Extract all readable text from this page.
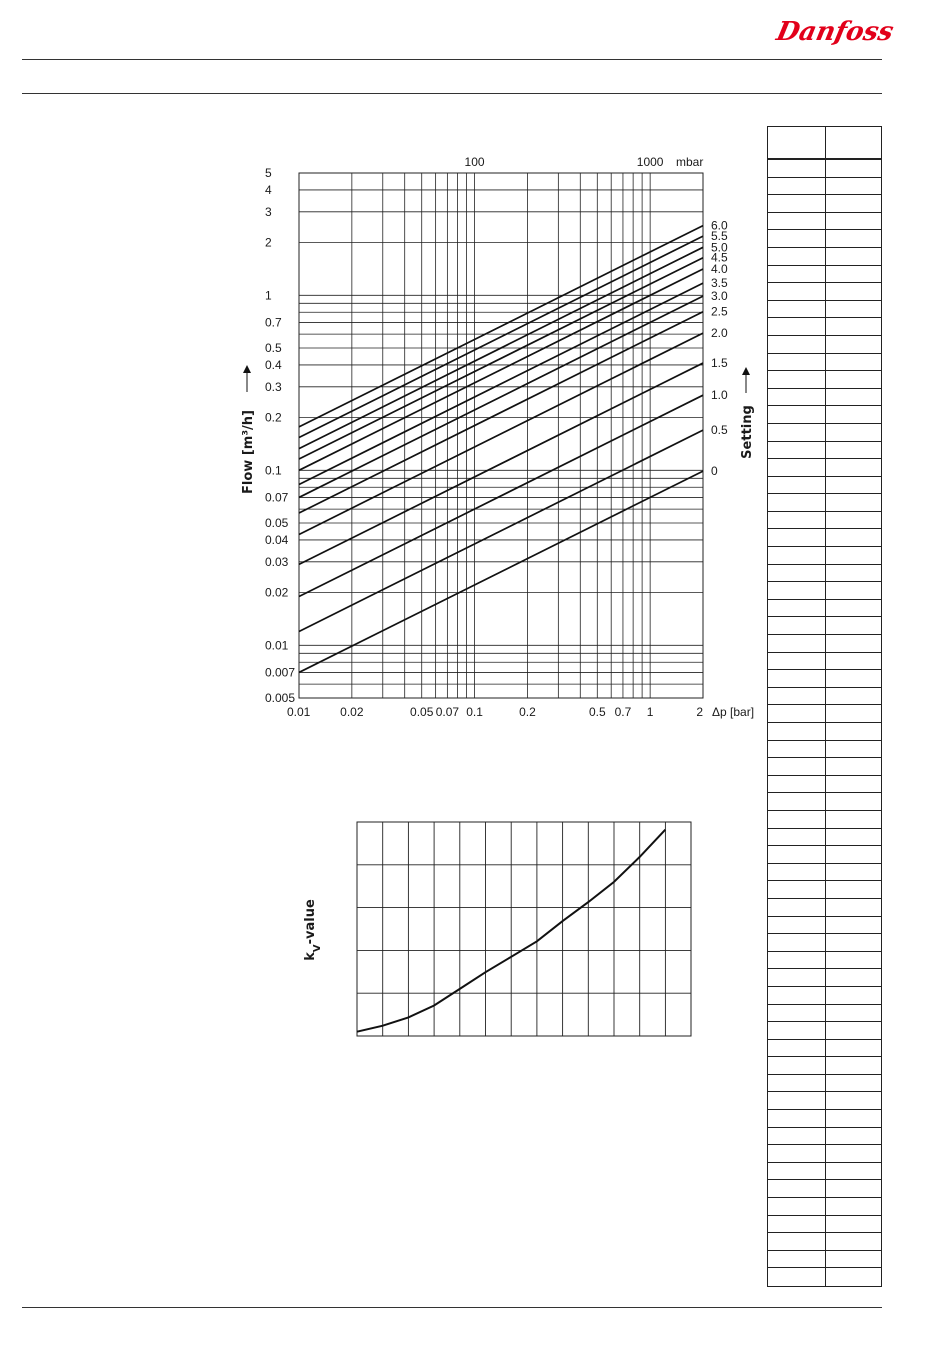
Danfoss
0
0.5
1.0
1.5
2.0
2.5
3.0
3.5
4.0
4.5
5.0
5.5
6.0
0.01 0.02	0.05 0.07 0.1	0.2	0.5 0.7 1	2 Δp [bar]
0.005
0.007
0.01
0.02
0.03
0.04
0.05
0.07
0.1
0.2
0.3
0.4
0.5
0.7
1
2
3
4
5
100	1000 mbar
Flow [m³/h]	Setting
$k_V$-value
